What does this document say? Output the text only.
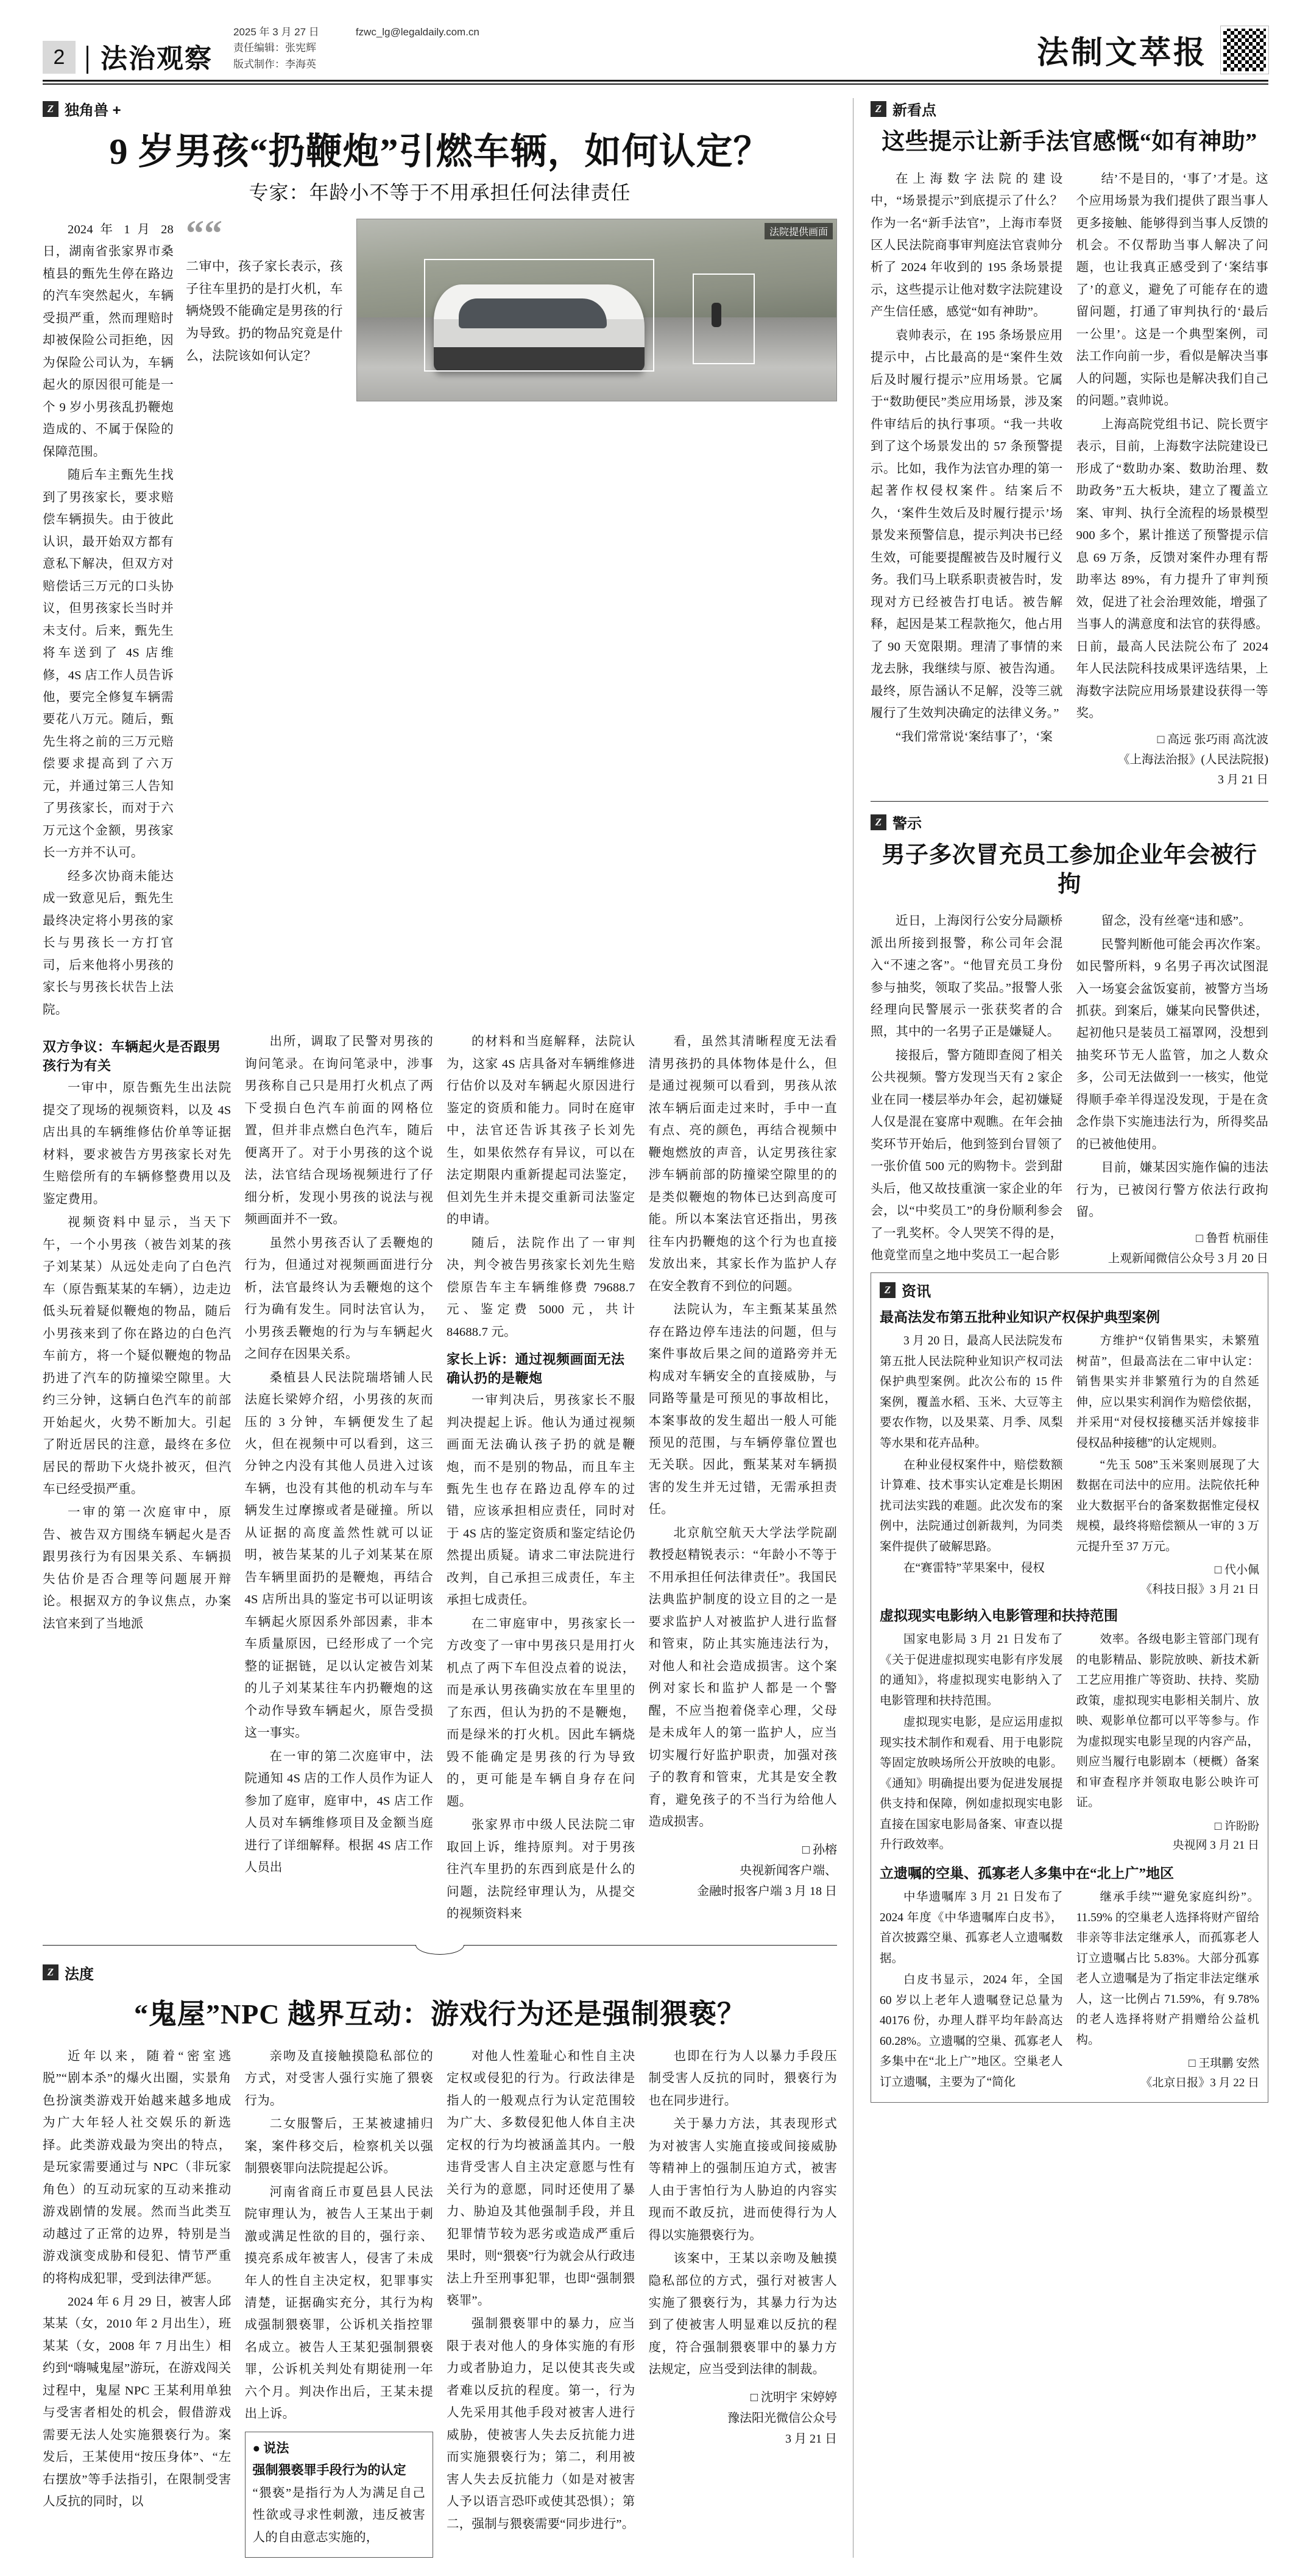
2	法治观察
2025 年 3 月 27 日	fzwc_lg@legaldaily.com.cn
责任编辑：张宪辉
版式制作：李海英	法制文萃报
Z 独角兽 +
9 岁男孩“扔鞭炮”引燃车辆，如何认定？
专家：年龄小不等于不用承担任何法律责任

2024 年 1 月 28 日，湖南省张家界市桑植县的甄先生停在路边的汽车突然起火，车辆受损严重，然而理赔时却被保险公司拒绝，因为保险公司认为，车辆起火的原因很可能是一个 9 岁小男孩乱扔鞭炮造成的、不属于保险的保障范围。

随后车主甄先生找到了男孩家长，要求赔偿车辆损失。由于彼此认识，最开始双方都有意私下解决，但双方对赔偿话三万元的口头协议，但男孩家长当时并未支付。后来，甄先生将车送到了 4S 店维修，4S 店工作人员告诉他，要完全修复车辆需要花八万元。随后，甄先生将之前的三万元赔偿要求提高到了六万元，并通过第三人告知了男孩家长，而对于六万元这个金额，男孩家长一方并不认可。

经多次协商未能达成一致意见后，甄先生最终决定将小男孩的家长与男孩长一方打官司，后来他将小男孩的家长与男孩长状告上法院。

““
二审中，孩子家长表示，孩子往车里扔的是打火机，车辆烧毁不能确定是男孩的行为导致。扔的物品究竟是什么，法院该如何认定？
法院提供画面
双方争议：车辆起火是否跟男孩行为有关

一审中，原告甄先生出法院提交了现场的视频资料，以及 4S 店出具的车辆维修估价单等证据材料，要求被告方男孩家长对先生赔偿所有的车辆修整费用以及鉴定费用。

视频资料中显示，当天下午，一个小男孩（被告刘某的孩子刘某某）从远处走向了白色汽车（原告甄某某的车辆），边走边低头玩着疑似鞭炮的物品，随后小男孩来到了你在路边的白色汽车前方，将一个疑似鞭炮的物品扔进了汽车的防撞梁空隙里。大约三分钟，这辆白色汽车的前部开始起火，火势不断加大。引起了附近居民的注意，最终在多位居民的帮助下火烧扑被灭，但汽车已经受损严重。

一审的第一次庭审中，原告、被告双方围绕车辆起火是否跟男孩行为有因果关系、车辆损失估价是否合理等问题展开辩论。根据双方的争议焦点，办案法官来到了当地派

出所，调取了民警对男孩的询问笔录。在询问笔录中，涉事男孩称自己只是用打火机点了两下受损白色汽车前面的网格位置，但并非点燃白色汽车，随后便离开了。对于小男孩的这个说法，法官结合现场视频进行了仔细分析，发现小男孩的说法与视频画面并不一致。

虽然小男孩否认了丢鞭炮的行为，但通过对视频画面进行分析，法官最终认为丢鞭炮的这个行为确有发生。同时法官认为，小男孩丢鞭炮的行为与车辆起火之间存在因果关系。

桑植县人民法院瑞塔铺人民法庭长梁婷介绍，小男孩的灰而压的 3 分钟，车辆便发生了起火，但在视频中可以看到，这三分钟之内没有其他人员进入过该车辆，也没有其他的机动车与车辆发生过摩擦或者是碰撞。所以从证据的高度盖然性就可以证明，被告某某的儿子刘某某在原告车辆里面扔的是鞭炮，再结合 4S 店所出具的鉴定书可以证明该车辆起火原因系外部因素，非本车质量原因，已经形成了一个完整的证据链，足以认定被告刘某的儿子刘某某往车内扔鞭炮的这个动作导致车辆起火，原告受损这一事实。

在一审的第二次庭审中，法院通知 4S 店的工作人员作为证人参加了庭审，庭审中，4S 店工作人员对车辆维修项目及金额当庭进行了详细解释。根据 4S 店工作人员出

的材料和当庭解释，法院认为，这家 4S 店具备对车辆维修进行估价以及对车辆起火原因进行鉴定的资质和能力。同时在庭审中，法官还告诉其孩子长刘先生，如果依然存有异议，可以在法定期限内重新提起司法鉴定，但刘先生并未提交重新司法鉴定的申请。

随后，法院作出了一审判决，判令被告男孩家长刘先生赔偿原告车主车辆维修费 79688.7 元、鉴定费 5000 元，共计 84688.7 元。

家长上诉：通过视频画面无法确认扔的是鞭炮

一审判决后，男孩家长不服判决提起上诉。他认为通过视频画面无法确认孩子扔的就是鞭炮，而不是别的物品，而且车主甄先生也存在路边乱停车的过错，应该承担相应责任，同时对于 4S 店的鉴定资质和鉴定结论仍然提出质疑。请求二审法院进行改判，自己承担三成责任，车主承担七成责任。

在二审庭审中，男孩家长一方改变了一审中男孩只是用打火机点了两下车但没点着的说法，而是承认男孩确实放在车里里的了东西，但认为扔的不是鞭炮，而是绿米的打火机。因此车辆烧毁不能确定是男孩的行为导致的，更可能是车辆自身存在问题。

张家界市中级人民法院二审取回上诉，维持原判。对于男孩往汽车里扔的东西到底是什么的问题，法院经审理认为，从提交的视频资料来

看，虽然其清晰程度无法看清男孩扔的具体物体是什么，但是通过视频可以看到，男孩从浓浓车辆后面走过来时，手中一直有点、亮的颜色，再结合视频中鞭炮燃放的声音，认定男孩往家涉车辆前部的防撞梁空隙里的的是类似鞭炮的物体已达到高度可能。所以本案法官还指出，男孩往车内扔鞭炮的这个行为也直接发放出来，其家长作为监护人存在安全教育不到位的问题。

法院认为，车主甄某某虽然存在路边停车违法的问题，但与案件事故后果之间的道路旁并无构成对车辆安全的直接威胁，与同路等量是可预见的事故相比，本案事故的发生超出一般人可能预见的范围，与车辆停靠位置也无关联。因此，甄某某对车辆损害的发生并无过错，无需承担责任。

北京航空航天大学法学院副教授赵精锐表示：“年龄小不等于不用承担任何法律责任”。我国民法典监护制度的设立目的之一是要求监护人对被监护人进行监督和管束，防止其实施违法行为，对他人和社会造成损害。这个案例对家长和监护人都是一个警醒，不应当抱着侥幸心理，父母是未成年人的第一监护人，应当切实履行好监护职责，加强对孩子的教育和管束，尤其是安全教育，避免孩子的不当行为给他人造成损害。

□ 孙榕
央视新闻客户端、
金融时报客户端 3 月 18 日
Z 法度
“鬼屋”NPC 越界互动：游戏行为还是强制猥亵？

近年以来，随着“密室逃脱”“剧本杀”的爆火出圈，实景角色扮演类游戏开始越来越多地成为广大年轻人社交娱乐的新选择。此类游戏最为突出的特点，是玩家需要通过与 NPC（非玩家角色）的互动玩家的互动来推动游戏剧情的发展。然而当此类互动越过了正常的边界，特别是当游戏演变成胁和侵犯、情节严重的将构成犯罪，受到法律严惩。

2024 年 6 月 29 日，被害人邱某某（女，2010 年 2 月出生），班某某（女，2008 年 7 月出生）相约到“嗨喊鬼屋”游玩，在游戏闯关过程中，鬼屋 NPC 王某利用单独与受害者相处的机会，假借游戏需要无法人处实施猥亵行为。案发后，王某使用“按压身体”、“左右摆放”等手法指引，在限制受害人反抗的同时，以

亲吻及直接触摸隐私部位的方式，对受害人强行实施了猥亵行为。

二女服警后，王某被逮捕归案，案件移交后，检察机关以强制猥亵罪向法院提起公诉。

河南省商丘市夏邑县人民法院审理认为，被告人王某出于刺激或满足性欲的目的，强行亲、摸亮系成年被害人，侵害了未成年人的性自主决定权，犯罪事实清楚，证据确实充分，其行为构成强制猥亵罪，公诉机关指控罪名成立。被告人王某犯强制猥亵罪，公诉机关判处有期徒刑一年六个月。判决作出后，王某未提出上诉。

● 说法
强制猥亵罪手段行为的认定

“猥亵”是指行为人为满足自己性欲或寻求性刺激，违反被害人的自由意志实施的，

对他人性羞耻心和性自主决定权或侵犯的行为。行政法律是指人的一般观点行为认定范围较为广大、多数侵犯他人体自主决定权的行为均被涵盖其内。一般违背受害人自主决定意愿与性有关行为的意愿，同时还使用了暴力、胁迫及其他强制手段，并且犯罪情节较为恶劣或造成严重后果时，则“猥亵”行为就会从行政违法上升至刑事犯罪，也即“强制猥亵罪”。

强制猥亵罪中的暴力，应当限于表对他人的身体实施的有形力或者胁迫力，足以使其丧失或者难以反抗的程度。第一，行为人先采用其他手段对被害人进行威胁，使被害人失去反抗能力进而实施猥亵行为；第二，利用被害人失去反抗能力（如是对被害人予以语言恐吓或使其恐惧）；第二，强制与猥亵需要“同步进行”。

也即在行为人以暴力手段压制受害人反抗的同时，猥亵行为也在同步进行。

关于暴力方法，其表现形式为对被害人实施直接或间接威胁等精神上的强制压迫方式，被害人由于害怕行为人胁迫的内容实现而不敢反抗，进而使得行为人得以实施猥亵行为。

该案中，王某以亲吻及触摸隐私部位的方式，强行对被害人实施了猥亵行为，其暴力行为达到了使被害人明显难以反抗的程度，符合强制猥亵罪中的暴力方法规定，应当受到法律的制裁。

□ 沈明宇 宋婷婷
豫法阳光微信公众号
3 月 21 日
Z 新看点
这些提示让新手法官感慨“如有神助”

在上海数字法院的建设中，“场景提示”到底提示了什么？作为一名“新手法官”，上海市奉贤区人民法院商事审判庭法官袁帅分析了 2024 年收到的 195 条场景提示，这些提示让他对数字法院建设产生信任感，感觉“如有神助”。

袁帅表示，在 195 条场景应用提示中，占比最高的是“案件生效后及时履行提示”应用场景。它属于“数助便民”类应用场景，涉及案件审结后的执行事项。“我一共收到了这个场景发出的 57 条预警提示。比如，我作为法官办理的第一起著作权侵权案件。结案后不久，‘案件生效后及时履行提示’场景发来预警信息，提示判决书已经生效，可能要提醒被告及时履行义务。我们马上联系职责被告时，发现对方已经被告打电话。被告解释，起因是某工程款拖欠，他占用了 90 天宽限期。理清了事情的来龙去脉，我继续与原、被告沟通。最终，原告涵认不足解，没等三就履行了生效判决确定的法律义务。”

“我们常常说‘案结事了’，‘案

结’不是目的，‘事了’才是。这个应用场景为我们提供了跟当事人更多接触、能够得到当事人反馈的机会。不仅帮助当事人解决了问题，也让我真正感受到了‘案结事了’的意义，避免了可能存在的遗留问题，打通了审判执行的‘最后一公里’。这是一个典型案例，司法工作向前一步，看似是解决当事人的问题，实际也是解决我们自己的问题。”袁帅说。

上海高院党组书记、院长贾宇表示，目前，上海数字法院建设已形成了“数助办案、数助治理、数助政务”五大板块，建立了覆盖立案、审判、执行全流程的场景模型 900 多个，累计推送了预警提示信息 69 万条，反馈对案件办理有帮助率达 89%，有力提升了审判预效，促进了社会治理效能，增强了当事人的满意度和法官的获得感。日前，最高人民法院公布了 2024 年人民法院科技成果评选结果，上海数字法院应用场景建设获得一等奖。

□ 高远 张巧雨 高沈波
《上海法治报》(人民法院报)
3 月 21 日
Z 警示
男子多次冒充员工参加企业年会被行拘

近日，上海闵行公安分局颛桥派出所接到报警，称公司年会混入“不速之客”。“他冒充员工身份参与抽奖，领取了奖品。”报警人张经理向民警展示一张获奖者的合照，其中的一名男子正是嫌疑人。

接报后，警方随即查阅了相关公共视频。警方发现当天有 2 家企业在同一楼层举办年会，起初嫌疑人仅是混在宴席中观瞧。在年会抽奖环节开始后，他到签到台冒领了一张价值 500 元的购物卡。尝到甜头后，他又故技重演一家企业的年会，以“中奖员工”的身份顺利参会了一乳奖杯。令人哭笑不得的是，他竟堂而皇之地中奖员工一起合影

留念，没有丝毫“违和感”。

民警判断他可能会再次作案。如民警所料，9 名男子再次试图混入一场宴会盆饭宴前，被警方当场抓获。到案后，嫌某向民警供述，起初他只是装员工福罩网，没想到抽奖环节无人监管，加之人数众多，公司无法做到一一核实，他觉得顺手牵羊得逞没发现，于是在贪念作祟下实施违法行为，所得奖品的已被他使用。

目前，嫌某因实施作偏的违法行为，已被闵行警方依法行政拘留。

□ 鲁哲 杭丽佳
上观新闻微信公众号 3 月 20 日
Z 资讯
最高法发布第五批种业知识产权保护典型案例

3 月 20 日，最高人民法院发布第五批人民法院种业知识产权司法保护典型案例。此次公布的 15 件案例，覆盖水稻、玉米、大豆等主要农作物，以及果菜、月季、凤梨等水果和花卉品种。

在种业侵权案件中，赔偿数额计算难、技术事实认定难是长期困扰司法实践的难题。此次发布的案例中，法院通过创新裁判，为同类案件提供了破解思路。

在“赛雷特”苹果案中，侵权

方维护“仅销售果实，未繁殖树苗”，但最高法在二审中认定：销售果实并非繁殖行为的自然延伸，应以果实利润作为赔偿依据，并采用“对侵权接穗买活并嫁接非侵权品种接穗”的认定规则。

“先玉 508”玉米案则展现了大数据在司法中的应用。法院依托种业大数据平台的备案数据惟定侵权规模，最终将赔偿额从一审的 3 万元提升至 37 万元。

□ 代小佩
《科技日报》3 月 21 日
虚拟现实电影纳入电影管理和扶持范围

国家电影局 3 月 21 日发布了《关于促进虚拟现实电影有序发展的通知》，将虚拟现实电影纳入了电影管理和扶持范围。

虚拟现实电影，是应运用虚拟现实技术制作和观看、用于电影院等固定放映场所公开放映的电影。《通知》明确提出要为促进发展提供支持和保障，例如虚拟现实电影直接在国家电影局备案、审查以提升行政效率。

效率。各级电影主管部门现有的电影精品、影院放映、新技术新工艺应用推广等资助、扶持、奖励政策，虚拟现实电影相关制片、放映、观影单位都可以平等参与。作为虚拟现实电影呈现的内容产品，则应当履行电影剧本（梗概）备案和审查程序并领取电影公映许可证。

□ 许盼盼
央视网 3 月 21 日
立遗嘱的空巢、孤寡老人多集中在“北上广”地区

中华遗嘱库 3 月 21 日发布了 2024 年度《中华遗嘱库白皮书》，首次披露空巢、孤寡老人立遗嘱数据。

白皮书显示，2024 年，全国 60 岁以上老年人遗嘱登记总量为 40176 份，办理人群平均年龄高达 60.28%。立遗嘱的空巢、孤寡老人多集中在“北上广”地区。空巢老人订立遗嘱，主要为了“简化

继承手续”“避免家庭纠纷”。11.59% 的空巢老人选择将财产留给非亲等非法定继承人，而孤寡老人订立遗嘱占比 5.83%。大部分孤寡老人立遗嘱是为了指定非法定继承人，这一比例占 71.59%，有 9.78% 的老人选择将财产捐赠给公益机构。

□ 王琪鹏 安然
《北京日报》3 月 22 日
